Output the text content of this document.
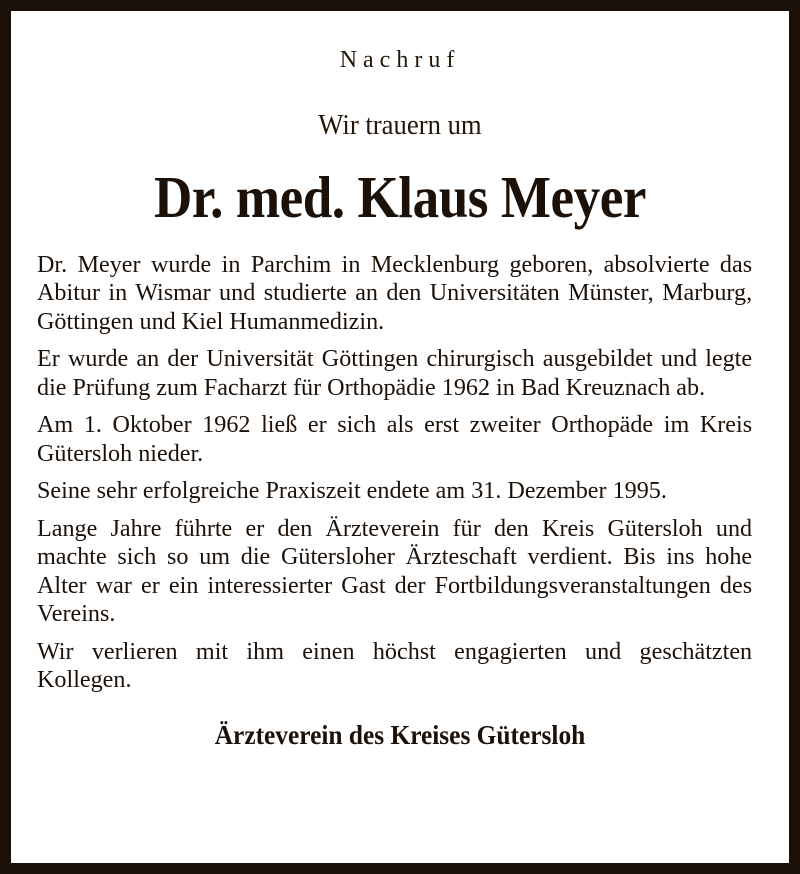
Nachruf
Wir trauern um
Dr. med. Klaus Meyer

Dr. Meyer wurde in Parchim in Mecklenburg geboren, absolvierte das Abitur in Wismar und studierte an den Universitäten Münster, Marburg, Göttingen und Kiel Humanmedizin.

Er wurde an der Universität Göttingen chirurgisch ausgebildet und legte die Prüfung zum Facharzt für Orthopädie 1962 in Bad Kreuznach ab.

Am 1. Oktober 1962 ließ er sich als erst zweiter Orthopäde im Kreis Gütersloh nieder.

Seine sehr erfolgreiche Praxiszeit endete am 31. Dezember 1995.

Lange Jahre führte er den Ärzteverein für den Kreis Gütersloh und machte sich so um die Gütersloher Ärzteschaft verdient. Bis ins hohe Alter war er ein interessierter Gast der Fortbildungsveranstaltungen des Vereins.

Wir verlieren mit ihm einen höchst engagierten und geschätzten Kollegen.

Ärzteverein des Kreises Gütersloh
